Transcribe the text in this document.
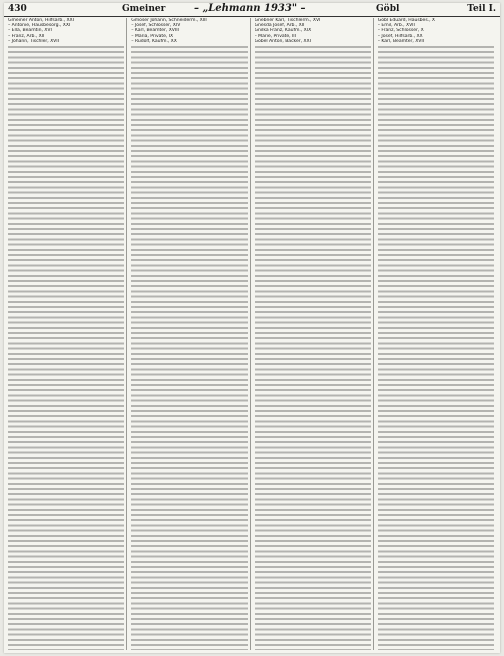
430	Gmeiner	– „Lehmann 1933" –	Göbl	Teil I.
Gmeiner Anton, Hilfsarb., XXI
– Antonie, Hausbesorg., XXI
– Ella, Beamtin, XVI
– Franz, Arb., XII
– Johann, Tischler, XVII
Gmoser Johann, Schneiderm., XIII
– Josef, Schlosser, XIV
– Karl, Beamter, XVIII
– Maria, Private, IX
– Rudolf, Kaufm., XX
Gnebner Karl, Tischlerm., XVI
Gnesda Josef, Arb., XII
Gnilka Franz, Kaufm., XIX
– Marie, Private, III
Göbel Anton, Bäcker, XXI
Göbl Eduard, Hausbes., X
– Emil, Arb., XVII
– Franz, Schlosser, X
– Josef, Hilfsarb., XX
– Karl, Beamter, XVII
